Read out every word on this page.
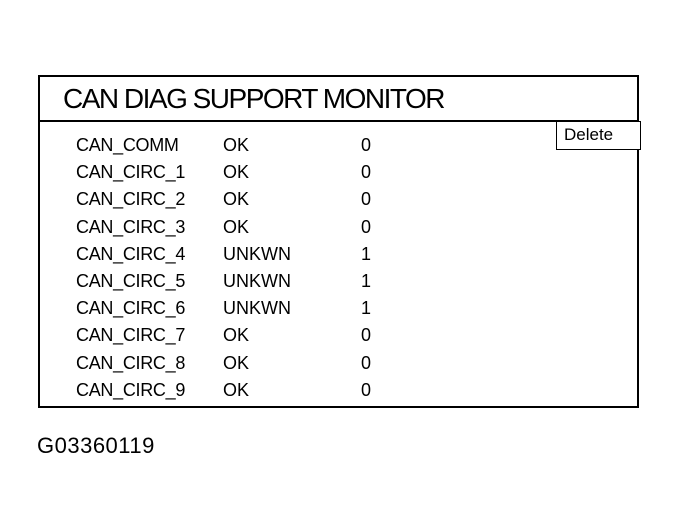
CAN DIAG SUPPORT MONITOR
Delete
CAN_COMM OK	0
CAN_CIRC_1 OK	0
CAN_CIRC_2 OK	0
CAN_CIRC_3 OK	0
CAN_CIRC_4 UNKWN	1
CAN_CIRC_5 UNKWN	1
CAN_CIRC_6 UNKWN	1
CAN_CIRC_7 OK	0
CAN_CIRC_8 OK	0
CAN_CIRC_9 OK	0
G03360119
